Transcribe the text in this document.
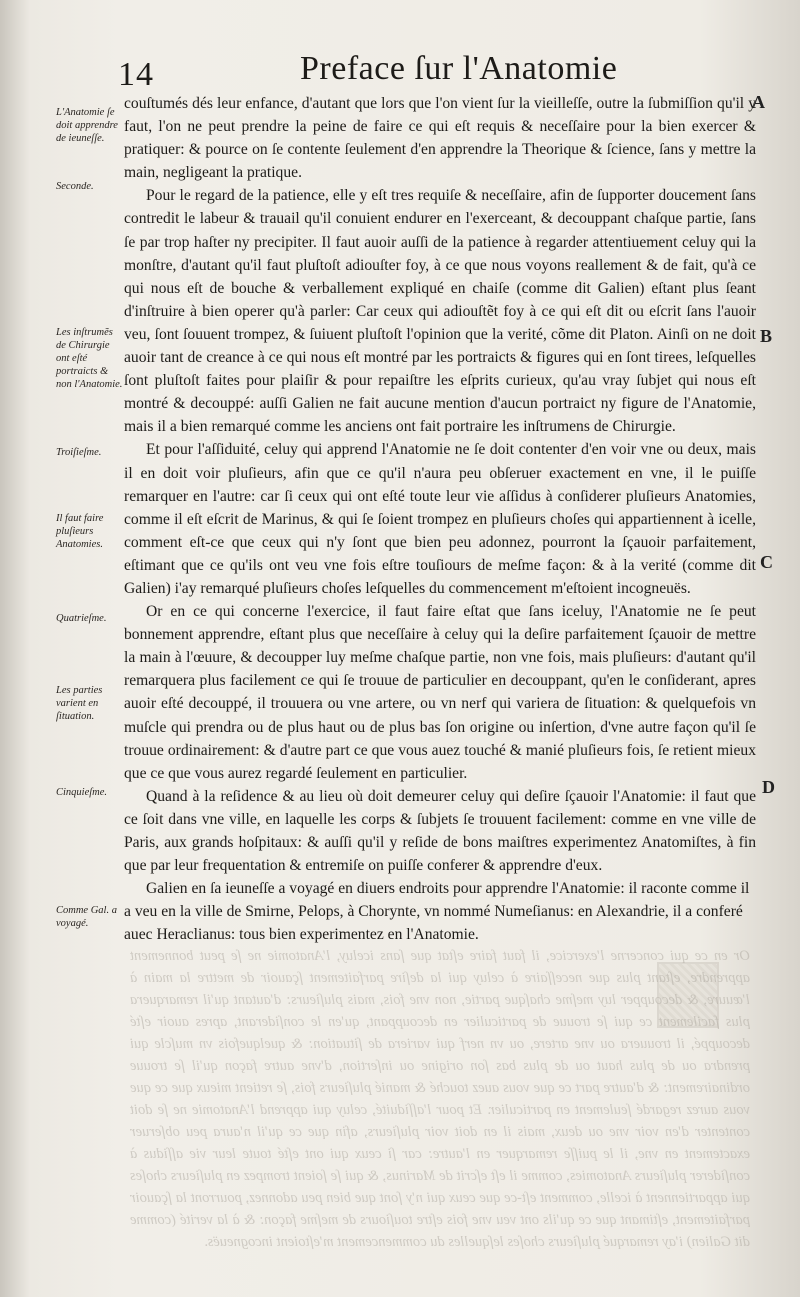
14	Preface ſur l'Anatomie
A
B
C
D
L'Anatomie ſe doit apprendre de ieuneſſe.
Seconde.
Les inſtrumẽs de Chirurgie ont eſté portraicts & non l'Anatomie.
Troiſieſme.
Il faut faire pluſieurs Anatomies.
Quatrieſme.
Les parties varient en ſituation.
Cinquieſme.
Comme Gal. a voyagé.

couſtumés dés leur enfance, d'autant que lors que l'on vient ſur la vieilleſſe, outre la ſubmiſſion qu'il y faut, l'on ne peut prendre la peine de faire ce qui eſt requis & neceſſaire pour la bien exercer & pratiquer: & pource on ſe contente ſeulement d'en apprendre la Theorique & ſcience, ſans y mettre la main, negligeant la pratique.

Pour le regard de la patience, elle y eſt tres requiſe & neceſſaire, afin de ſupporter doucement ſans contredit le labeur & trauail qu'il conuient endurer en l'exerceant, & decouppant chaſque partie, ſans ſe par trop haſter ny precipiter. Il faut auoir auſſi de la patience à regarder attentiuement celuy qui la monſtre, d'autant qu'il faut pluſtoſt adiouſter foy, à ce que nous voyons reallement & de fait, qu'à ce qui nous eſt de bouche & verballement expliqué en chaiſe (comme dit Galien) eſtant plus ſeant d'inſtruire à bien operer qu'à parler: Car ceux qui adiouſtẽt foy à ce qui eſt dit ou eſcrit ſans l'auoir veu, ſont ſouuent trompez, & ſuiuent pluſtoſt l'opinion que la verité, cõme dit Platon. Ainſi on ne doit auoir tant de creance à ce qui nous eſt montré par les portraicts & figures qui en ſont tirees, leſquelles ſont pluſtoſt faites pour plaiſir & pour repaiſtre les eſprits curieux, qu'au vray ſubjet qui nous eſt montré & decouppé: auſſi Galien ne fait aucune mention d'aucun portraict ny figure de l'Anatomie, mais il a bien remarqué comme les anciens ont fait portraire les inſtrumens de Chirurgie.

Et pour l'aſſiduité, celuy qui apprend l'Anatomie ne ſe doit contenter d'en voir vne ou deux, mais il en doit voir pluſieurs, afin que ce qu'il n'aura peu obſeruer exactement en vne, il le puiſſe remarquer en l'autre: car ſi ceux qui ont eſté toute leur vie aſſidus à conſiderer pluſieurs Anatomies, comme il eſt eſcrit de Marinus, & qui ſe ſoient trompez en pluſieurs choſes qui appartiennent à icelle, comment eſt-ce que ceux qui n'y ſont que bien peu adonnez, pourront la ſçauoir parfaitement, eſtimant que ce qu'ils ont veu vne fois eſtre touſiours de meſme façon: & à la verité (comme dit Galien) i'ay remarqué pluſieurs choſes leſquelles du commencement m'eſtoient incogneuës.

Or en ce qui concerne l'exercice, il faut faire eſtat que ſans iceluy, l'Anatomie ne ſe peut bonnement apprendre, eſtant plus que neceſſaire à celuy qui la deſire parfaitement ſçauoir de mettre la main à l'œuure, & decoupper luy meſme chaſque partie, non vne fois, mais pluſieurs: d'autant qu'il remarquera plus facilement ce qui ſe trouue de particulier en decouppant, qu'en le conſiderant, apres auoir eſté decouppé, il trouuera ou vne artere, ou vn nerf qui variera de ſituation: & quelquefois vn muſcle qui prendra ou de plus haut ou de plus bas ſon origine ou inſertion, d'vne autre façon qu'il ſe trouue ordinairement: & d'autre part ce que vous auez touché & manié pluſieurs fois, ſe retient mieux que ce que vous aurez regardé ſeulement en particulier.

Quand à la reſidence & au lieu où doit demeurer celuy qui deſire ſçauoir l'Anatomie: il faut que ce ſoit dans vne ville, en laquelle les corps & ſubjets ſe trouuent facilement: comme en vne ville de Paris, aux grands hoſpitaux: & auſſi qu'il y reſide de bons maiſtres experimentez Anatomiſtes, à fin que par leur frequentation & entremiſe on puiſſe conferer & apprendre d'eux.

Galien en ſa ieuneſſe a voyagé en diuers endroits pour apprendre l'Anatomie: il raconte comme il a veu en la ville de Smirne, Pelops, à Chorynte, vn nommé Numeſianus: en Alexandrie, il a conferé auec Heraclianus: tous bien experimentez en l'Anatomie.

Or en ce qui concerne l'exercice, il faut faire eſtat que ſans iceluy, l'Anatomie ne ſe peut bonnement apprendre, eſtant plus que neceſſaire à celuy qui la deſire parfaitement ſçauoir de mettre la main à l'œuure, & decoupper luy meſme chaſque partie, non vne fois, mais pluſieurs: d'autant qu'il remarquera plus facilement ce qui ſe trouue de particulier en decouppant, qu'en le conſiderant, apres auoir eſté decouppé, il trouuera ou vne artere, ou vn nerf qui variera de ſituation: & quelquefois vn muſcle qui prendra ou de plus haut ou de plus bas ſon origine ou inſertion, d'vne autre façon qu'il ſe trouue ordinairement: & d'autre part ce que vous auez touché & manié pluſieurs fois, ſe retient mieux que ce que vous aurez regardé ſeulement en particulier. Et pour l'aſſiduité, celuy qui apprend l'Anatomie ne ſe doit contenter d'en voir vne ou deux, mais il en doit voir pluſieurs, afin que ce qu'il n'aura peu obſeruer exactement en vne, il le puiſſe remarquer en l'autre: car ſi ceux qui ont eſté toute leur vie aſſidus à conſiderer pluſieurs Anatomies, comme il eſt eſcrit de Marinus, & qui ſe ſoient trompez en pluſieurs choſes qui appartiennent à icelle, comment eſt-ce que ceux qui n'y ſont que bien peu adonnez, pourront la ſçauoir parfaitement, eſtimant que ce qu'ils ont veu vne fois eſtre touſiours de meſme façon: & à la verité (comme dit Galien) i'ay remarqué pluſieurs choſes leſquelles du commencement m'eſtoient incogneuës.
